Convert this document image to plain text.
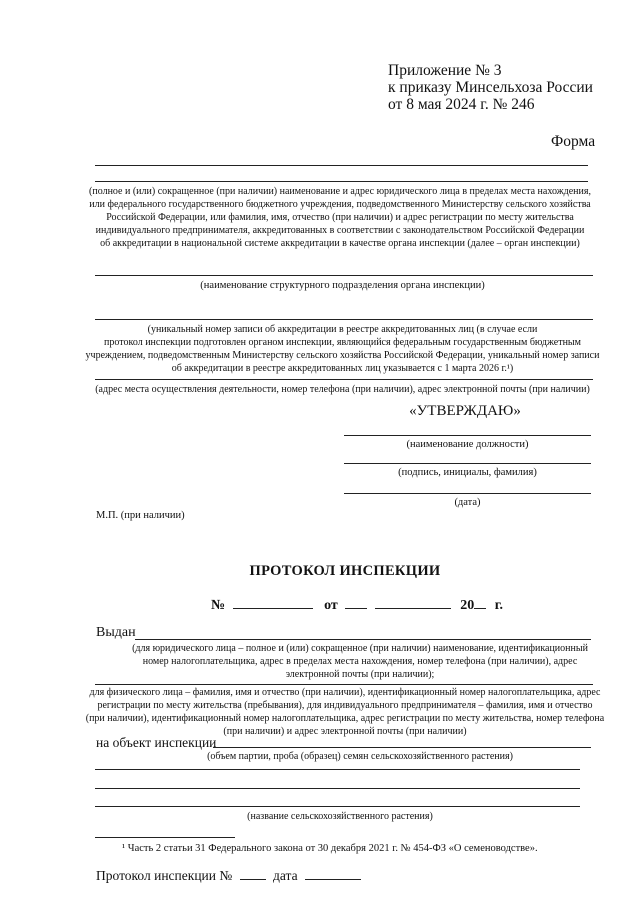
Приложение № 3
к приказу Минсельхоза России
от 8 мая 2024 г. № 246
Форма
(полное и (или) сокращенное (при наличии) наименование и адрес юридического лица в пределах места нахождения,
или федерального государственного бюджетного учреждения, подведомственного Министерству сельского хозяйства
Российской Федерации, или фамилия, имя, отчество (при наличии) и адрес регистрации по месту жительства
индивидуального предпринимателя, аккредитованных в соответствии с законодательством Российской Федерации
об аккредитации в национальной системе аккредитации в качестве органа инспекции (далее – орган инспекции)
(наименование структурного подразделения органа инспекции)
(уникальный номер записи об аккредитации в реестре аккредитованных лиц (в случае если
протокол инспекции подготовлен органом инспекции, являющийся федеральным государственным бюджетным
учреждением, подведомственным Министерству сельского хозяйства Российской Федерации, уникальный номер записи
об аккредитации в реестре аккредитованных лиц указывается с 1 марта 2026 г.¹)
(адрес места осуществления деятельности, номер телефона (при наличии), адрес электронной почты (при наличии)
«УТВЕРЖДАЮ»
(наименование должности)
(подпись, инициалы, фамилия)
(дата)
М.П. (при наличии)
ПРОТОКОЛ ИНСПЕКЦИИ
№	от	20 г.
Выдан
(для юридического лица – полное и (или) сокращенное (при наличии) наименование, идентификационный
номер налогоплательщика, адрес в пределах места нахождения, номер телефона (при наличии), адрес
электронной почты (при наличии);
для физического лица – фамилия, имя и отчество (при наличии), идентификационный номер налогоплательщика, адрес
регистрации по месту жительства (пребывания), для индивидуального предпринимателя – фамилия, имя и отчество
(при наличии), идентификационный номер налогоплательщика, адрес регистрации по месту жительства, номер телефона
(при наличии) и адрес электронной почты (при наличии)
на объект инспекции
(объем партии, проба (образец) семян сельскохозяйственного растения)
(название сельскохозяйственного растения)
¹ Часть 2 статьи 31 Федерального закона от 30 декабря 2021 г. № 454-ФЗ «О семеноводстве».
Протокол инспекции №	дата
